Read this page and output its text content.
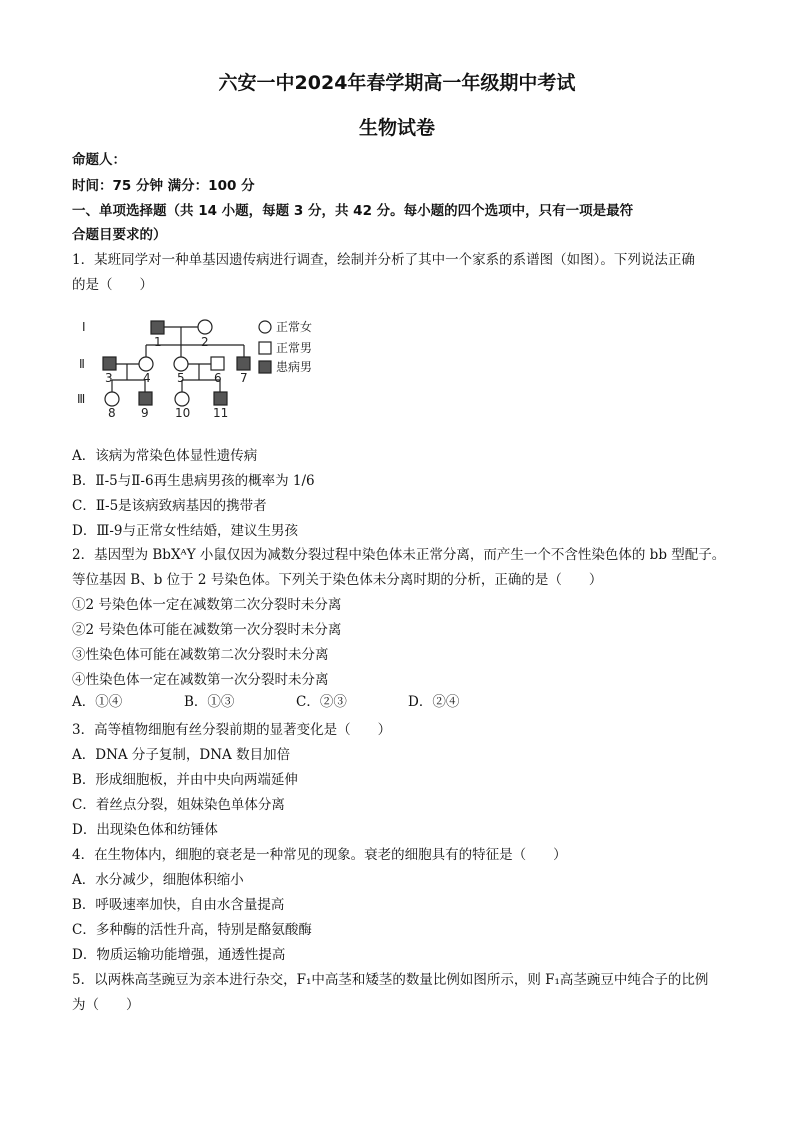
六安一中2024年春学期高一年级期中考试
生物试卷
命题人：
时间：75 分钟 满分：100 分
一、单项选择题（共 14 小题，每题 3 分，共 42 分。每小题的四个选项中，只有一项是最符
合题目要求的）
1．某班同学对一种单基因遗传病进行调查，绘制并分析了其中一个家系的系谱图（如图）。下列说法正确
的是（　　）
Ⅰ
Ⅱ
Ⅲ
1	2
3	4 5 6 7
8 9 10 11
正常女
正常男
患病男
A．该病为常染色体显性遗传病
B．Ⅱ-5与Ⅱ-6再生患病男孩的概率为 1/6
C．Ⅱ-5是该病致病基因的携带者
D．Ⅲ-9与正常女性结婚，建议生男孩
2．基因型为 BbXᴬY 小鼠仅因为减数分裂过程中染色体未正常分离，而产生一个不含性染色体的 bb 型配子。
等位基因 B、b 位于 2 号染色体。下列关于染色体未分离时期的分析，正确的是（　　）
①2 号染色体一定在减数第二次分裂时未分离
②2 号染色体可能在减数第一次分裂时未分离
③性染色体可能在减数第二次分裂时未分离
④性染色体一定在减数第一次分裂时未分离
A．①④	B．①③	C．②③	D．②④
3．高等植物细胞有丝分裂前期的显著变化是（　　）
A．DNA 分子复制，DNA 数目加倍
B．形成细胞板，并由中央向两端延伸
C．着丝点分裂，姐妹染色单体分离
D．出现染色体和纺锤体
4．在生物体内，细胞的衰老是一种常见的现象。衰老的细胞具有的特征是（　　）
A．水分减少，细胞体积缩小
B．呼吸速率加快，自由水含量提高
C．多种酶的活性升高，特别是酪氨酸酶
D．物质运输功能增强，通透性提高
5．以两株高茎豌豆为亲本进行杂交，F₁中高茎和矮茎的数量比例如图所示，则 F₁高茎豌豆中纯合子的比例
为（　　）
